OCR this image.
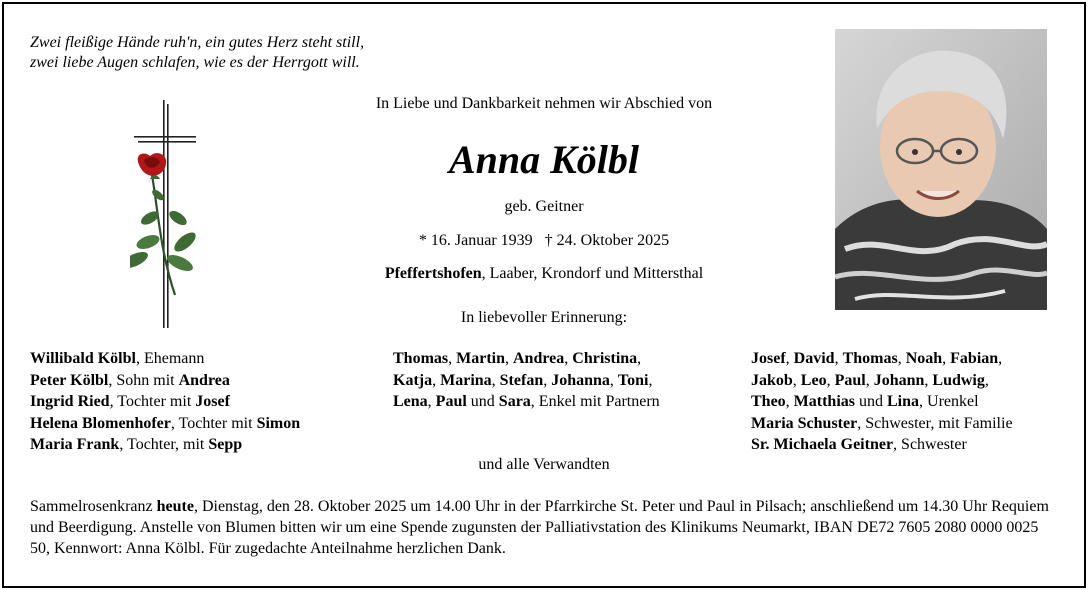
Zwei fleißige Hände ruh'n, ein gutes Herz steht still,
zwei liebe Augen schlafen, wie es der Herrgott will.
In Liebe und Dankbarkeit nehmen wir Abschied von
Anna Kölbl
geb. Geitner
* 16. Januar 1939   † 24. Oktober 2025
Pfeffertshofen, Laaber, Krondorf und Mittersthal
In liebevoller Erinnerung:
Willibald Kölbl, Ehemann
Peter Kölbl, Sohn mit Andrea
Ingrid Ried, Tochter mit Josef
Helena Blomenhofer, Tochter mit Simon
Maria Frank, Tochter, mit Sepp
Thomas, Martin, Andrea, Christina,
Katja, Marina, Stefan, Johanna, Toni,
Lena, Paul und Sara, Enkel mit Partnern
Josef, David, Thomas, Noah, Fabian,
Jakob, Leo, Paul, Johann, Ludwig,
Theo, Matthias und Lina, Urenkel
Maria Schuster, Schwester, mit Familie
Sr. Michaela Geitner, Schwester
und alle Verwandten
Sammelrosenkranz heute, Dienstag, den 28. Oktober 2025 um 14.00 Uhr in der Pfarrkirche St. Peter und Paul in Pilsach; anschließend um 14.30 Uhr Requiem und Beerdigung. Anstelle von Blumen bitten wir um eine Spende zugunsten der Palliativstation des Klinikums Neumarkt, IBAN DE72 7605 2080 0000 0025 50, Kennwort: Anna Kölbl. Für zugedachte Anteilnahme herzlichen Dank.
